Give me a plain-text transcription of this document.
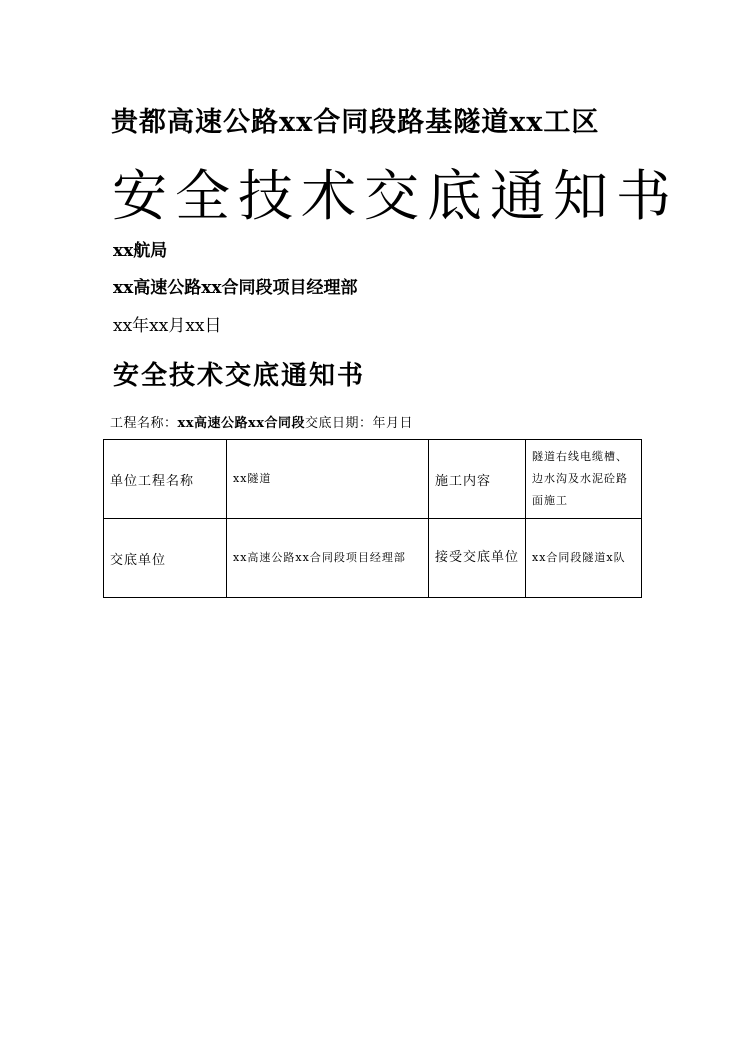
贵都高速公路xx合同段路基隧道xx工区
安全技术交底通知书
xx航局
xx高速公路xx合同段项目经理部
xx年xx月xx日
安全技术交底通知书
工程名称：xx高速公路xx合同段交底日期：年月日
单位工程名称	xx隧道	施工内容	隧道右线电缆槽、边水沟及水泥砼路面施工
交底单位	xx高速公路xx合同段项目经理部	接受交底单位	xx合同段隧道x队
